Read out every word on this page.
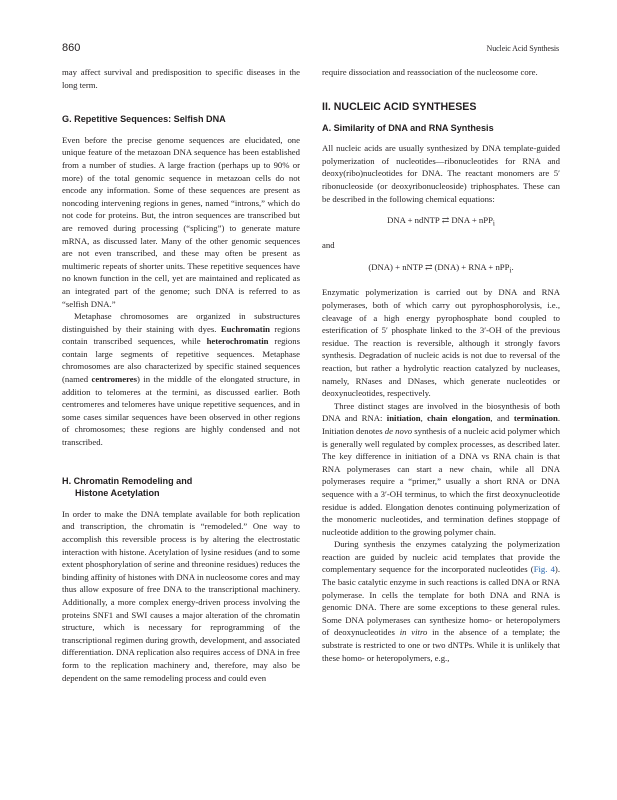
860	Nucleic Acid Synthesis

may affect survival and predisposition to specific diseases in the long term.

G. Repetitive Sequences: Selfish DNA

Even before the precise genome sequences are elucidated, one unique feature of the metazoan DNA sequence has been established from a number of studies. A large fraction (perhaps up to 90% or more) of the total genomic sequence in metazoan cells do not encode any information. Some of these sequences are present as noncoding intervening regions in genes, named “introns,” which do not code for proteins. But, the intron sequences are transcribed but are removed during processing (“splicing”) to generate mature mRNA, as discussed later. Many of the other genomic sequences are not even transcribed, and these may often be present as multimeric repeats of shorter units. These repetitive sequences have no known function in the cell, yet are maintained and replicated as an integrated part of the genome; such DNA is referred to as “selfish DNA.”

Metaphase chromosomes are organized in substructures distinguished by their staining with dyes. Euchromatin regions contain transcribed sequences, while heterochromatin regions contain large segments of repetitive sequences. Metaphase chromosomes are also characterized by specific stained sequences (named centromeres) in the middle of the elongated structure, in addition to telomeres at the termini, as discussed earlier. Both centromeres and telomeres have unique repetitive sequences, and in some cases similar sequences have been observed in other regions of chromosomes; these regions are highly condensed and not transcribed.

H. Chromatin Remodeling and
Histone Acetylation

In order to make the DNA template available for both replication and transcription, the chromatin is “remodeled.” One way to accomplish this reversible process is by altering the electrostatic interaction with histone. Acetylation of lysine residues (and to some extent phosphorylation of serine and threonine residues) reduces the binding affinity of histones with DNA in nucleosome cores and may thus allow exposure of free DNA to the transcriptional machinery. Additionally, a more complex energy-driven process involving the proteins SNF1 and SWI causes a major alteration of the chromatin structure, which is necessary for reprogramming of the transcriptional regimen during growth, development, and associated differentiation. DNA replication also requires access of DNA in free form to the replication machinery and, therefore, may also be dependent on the same remodeling process and could even

require dissociation and reassociation of the nucleosome core.

II. NUCLEIC ACID SYNTHESES
A. Similarity of DNA and RNA Synthesis

All nucleic acids are usually synthesized by DNA template-guided polymerization of nucleotides—ribonucleotides for RNA and deoxy(ribo)nucleotides for DNA. The reactant monomers are 5′ ribonucleoside (or deoxyribonucleoside) triphosphates. These can be described in the following chemical equations:

DNA + ndNTP ⇄ DNA + nPP$_i$

and

(DNA) + nNTP ⇄ (DNA) + RNA + nPP$_i$.

Enzymatic polymerization is carried out by DNA and RNA polymerases, both of which carry out pyrophosphorolysis, i.e., cleavage of a high energy pyrophosphate bond coupled to esterification of 5′ phosphate linked to the 3′-OH of the previous residue. The reaction is reversible, although it strongly favors synthesis. Degradation of nucleic acids is not due to reversal of the reaction, but rather a hydrolytic reaction catalyzed by nucleases, namely, RNases and DNases, which generate nucleotides or deoxynucleotides, respectively.

Three distinct stages are involved in the biosynthesis of both DNA and RNA: initiation, chain elongation, and termination. Initiation denotes de novo synthesis of a nucleic acid polymer which is generally well regulated by complex processes, as described later. The key difference in initiation of a DNA vs RNA chain is that RNA polymerases can start a new chain, while all DNA polymerases require a “primer,” usually a short RNA or DNA sequence with a 3′-OH terminus, to which the first deoxynucleotide residue is added. Elongation denotes continuing polymerization of the monomeric nucleotides, and termination defines stoppage of nucleotide addition to the growing polymer chain.

During synthesis the enzymes catalyzing the polymerization reaction are guided by nucleic acid templates that provide the complementary sequence for the incorporated nucleotides (Fig. 4). The basic catalytic enzyme in such reactions is called DNA or RNA polymerase. In cells the template for both DNA and RNA is genomic DNA. There are some exceptions to these general rules. Some DNA polymerases can synthesize homo- or heteropolymers of deoxynucleotides in vitro in the absence of a template; the substrate is restricted to one or two dNTPs. While it is unlikely that these homo- or heteropolymers, e.g.,
